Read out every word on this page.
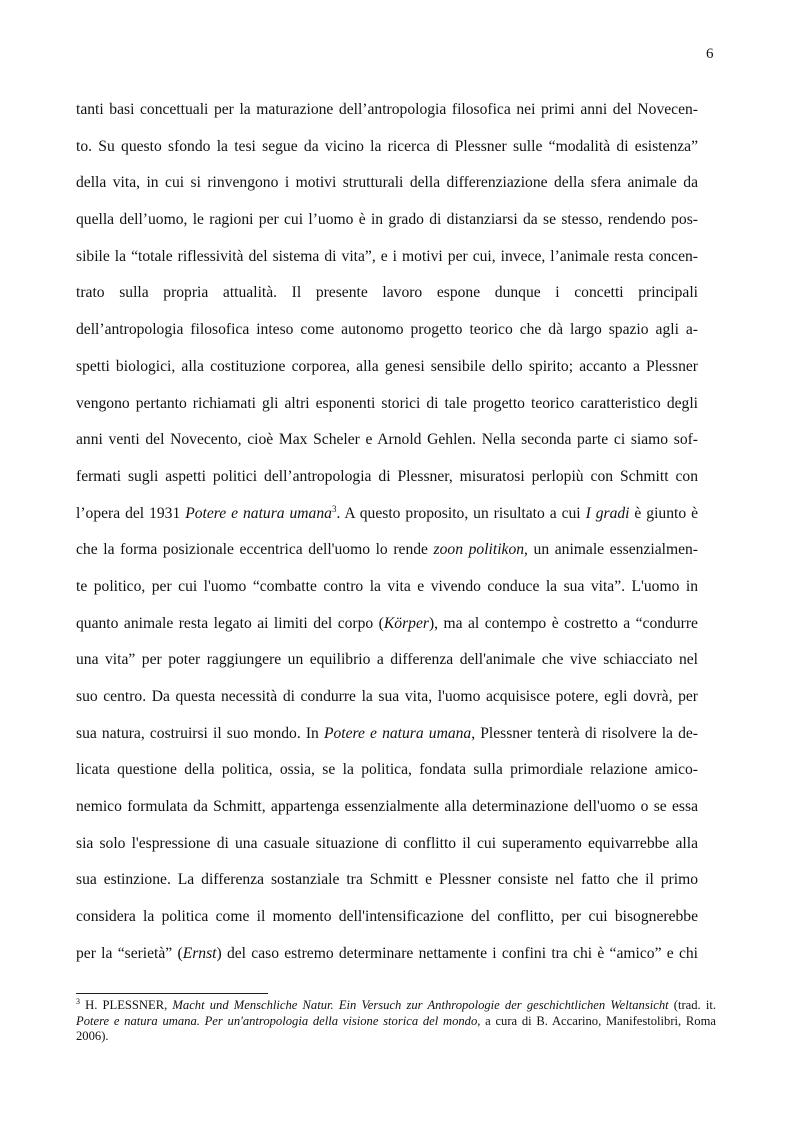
6
tanti basi concettuali per la maturazione dell’antropologia filosofica nei primi anni del Novecen-
to. Su questo sfondo la tesi segue da vicino la ricerca di Plessner sulle “modalità di esistenza”
della vita, in cui si rinvengono i motivi strutturali della differenziazione della sfera animale da
quella dell’uomo, le ragioni per cui l’uomo è in grado di distanziarsi da se stesso, rendendo pos-
sibile la “totale riflessività del sistema di vita”, e i motivi per cui, invece, l’animale resta concen-
trato sulla propria attualità. Il presente lavoro espone dunque i concetti principali
dell’antropologia filosofica inteso come autonomo progetto teorico che dà largo spazio agli a-
spetti biologici, alla costituzione corporea, alla genesi sensibile dello spirito; accanto a Plessner
vengono pertanto richiamati gli altri esponenti storici di tale progetto teorico caratteristico degli
anni venti del Novecento, cioè Max Scheler e Arnold Gehlen. Nella seconda parte ci siamo sof-
fermati sugli aspetti politici dell’antropologia di Plessner, misuratosi perlopiù con Schmitt con
l’opera del 1931 Potere e natura umana$^3$. A questo proposito, un risultato a cui I gradi è giunto è
che la forma posizionale eccentrica dell'uomo lo rende zoon politikon, un animale essenzialmen-
te politico, per cui l'uomo “combatte contro la vita e vivendo conduce la sua vita”. L'uomo in
quanto animale resta legato ai limiti del corpo (Körper), ma al contempo è costretto a “condurre
una vita” per poter raggiungere un equilibrio a differenza dell'animale che vive schiacciato nel
suo centro. Da questa necessità di condurre la sua vita, l'uomo acquisisce potere, egli dovrà, per
sua natura, costruirsi il suo mondo. In Potere e natura umana, Plessner tenterà di risolvere la de-
licata questione della politica, ossia, se la politica, fondata sulla primordiale relazione amico-
nemico formulata da Schmitt, appartenga essenzialmente alla determinazione dell'uomo o se essa
sia solo l'espressione di una casuale situazione di conflitto il cui superamento equivarrebbe alla
sua estinzione. La differenza sostanziale tra Schmitt e Plessner consiste nel fatto che il primo
considera la politica come il momento dell'intensificazione del conflitto, per cui bisognerebbe
per la “serietà” (Ernst) del caso estremo determinare nettamente i confini tra chi è “amico” e chi
$^3$ H. PLESSNER, Macht und Menschliche Natur. Ein Versuch zur Anthropologie der geschichtlichen Weltansicht (trad. it. Potere e natura umana. Per un'antropologia della visione storica del mondo, a cura di B. Accarino, Manifestolibri, Roma 2006).
